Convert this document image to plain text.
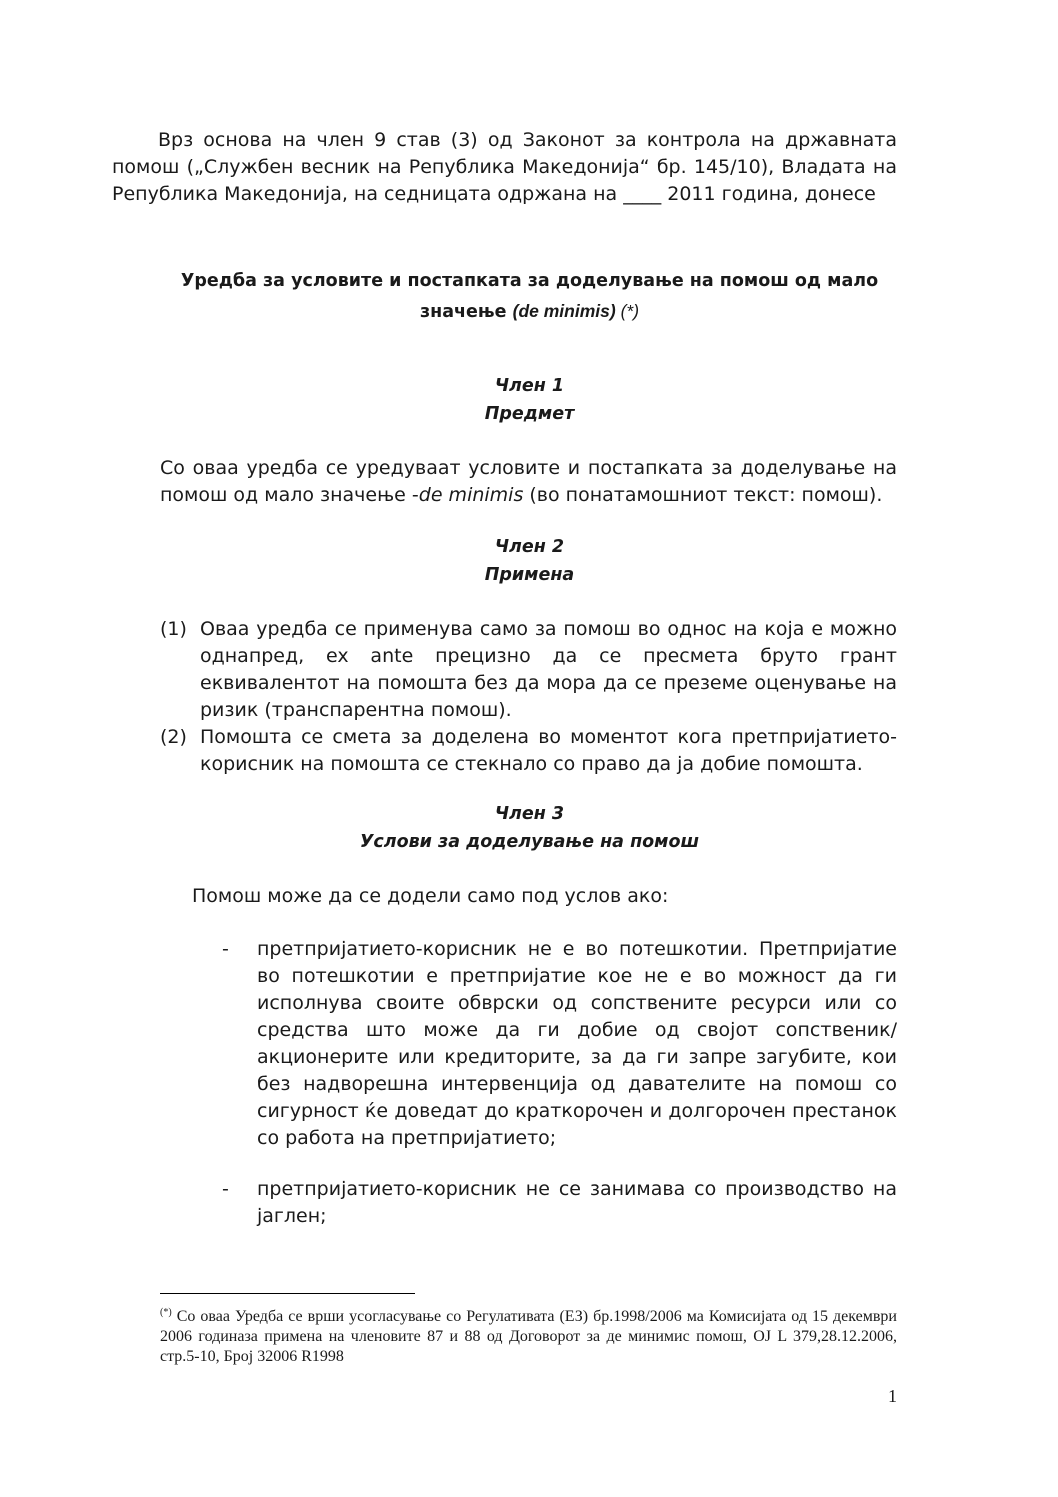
Врз основа на член 9 став (3) од Законот за контрола на државната помош („Службен весник на Република Македонија“ бр. 145/10), Владата на Република Македонија, на седницата одржана на ____ 2011 година, донесе

Уредба за условите и постапката за доделување на помош од мало
значење (de minimis) (*)
Член 1
Предмет

Со оваа уредба се уредуваат условите и постапката за доделување на помош од мало значење -de minimis (во понатамошниот текст: помош).

Член 2
Примена
(1) Оваа уредба се применува само за помош во однос на која е можно однапред, ex ante прецизно да се пресмета бруто грант еквивалентот на помошта без да мора да се преземе оценување на ризик (транспарентна помош).
(2) Помошта се смета за доделена во моментот кога претпријатието-корисник на помошта се стекнало со право да ја добие помошта.
Член 3
Услови за доделување на помош
Помош може да се додели само под услов ако:
-	претпријатието-корисник не е во потешкотии. Претпријатие во потешкотии е претпријатие кое не е во можност да ги исполнува своите обврски од сопствените ресурси или со средства што може да ги добие од својот сопственик/акционерите или кредиторите, за да ги запре загубите, кои без надворешна интервенција од давателите на помош со сигурност ќе доведат до краткорочен и долгорочен престанок со работа на претпријатието;
-	претпријатието-корисник не се занимава со производство на јаглен;

(*) Со оваа Уредба се врши усогласување со Регулативата (ЕЗ) бр.1998/2006 ма Комисијата од 15 декември 2006 годиназа примена на членовите 87 и 88 од Договорот за де минимис помош, OJ L 379,28.12.2006, стр.5-10, Број 32006 R1998

1
